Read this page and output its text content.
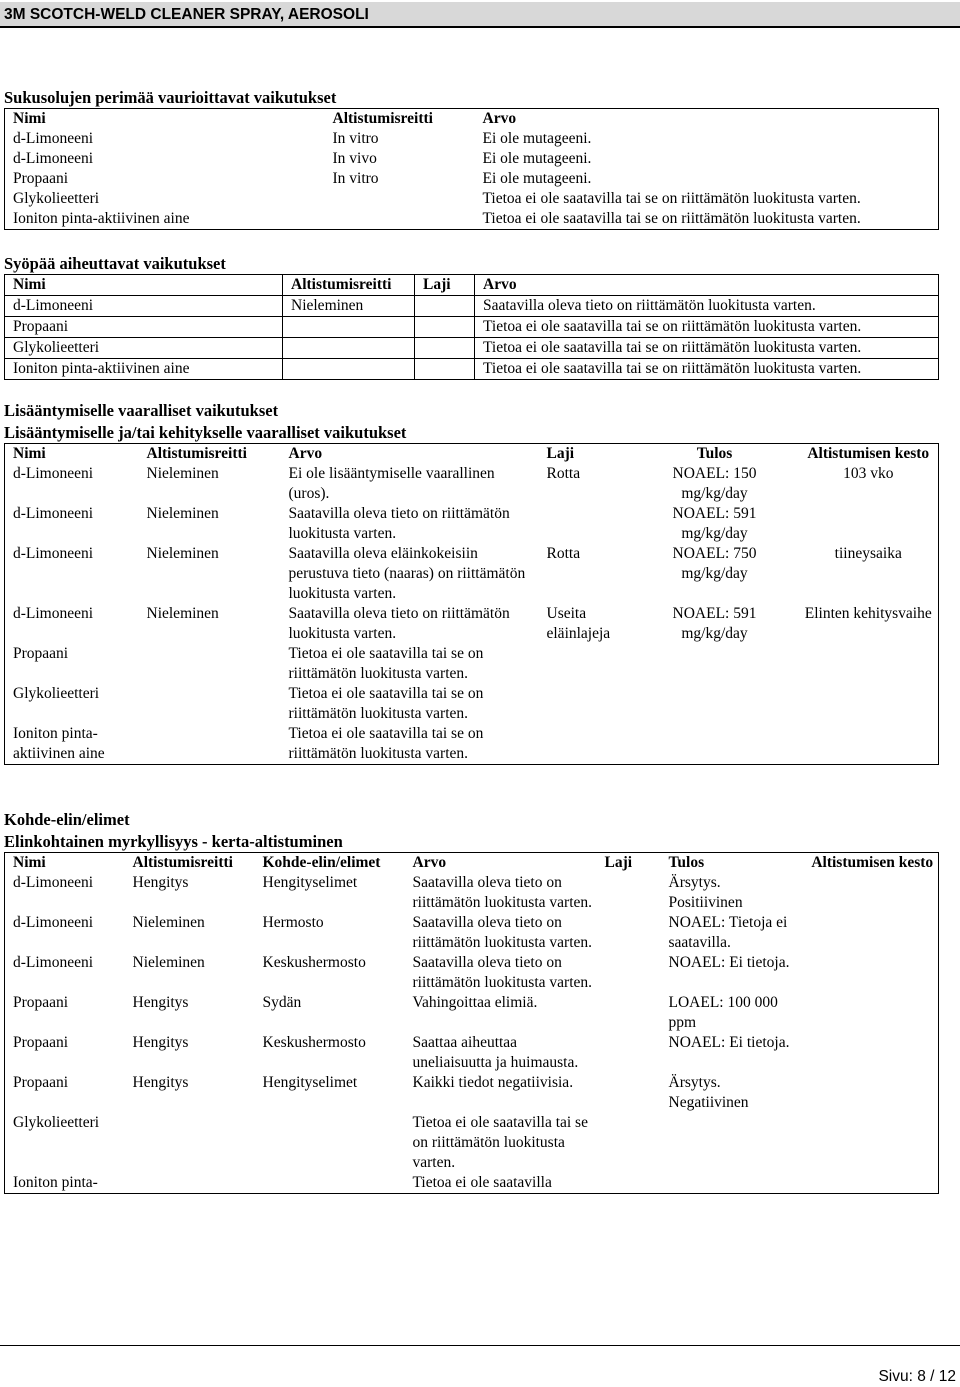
3M SCOTCH-WELD CLEANER SPRAY, AEROSOLI
Sukusolujen perimää vaurioittavat vaikutukset
Nimi	Altistumisreitti	Arvo
d-Limoneeni	In vitro	Ei ole mutageeni.
d-Limoneeni	In vivo	Ei ole mutageeni.
Propaani	In vitro	Ei ole mutageeni.
Glykolieetteri		Tietoa ei ole saatavilla tai se on riittämätön luokitusta varten.
Ioniton pinta-aktiivinen aine		Tietoa ei ole saatavilla tai se on riittämätön luokitusta varten.
Syöpää aiheuttavat vaikutukset
Nimi	Altistumisreitti	Laji	Arvo
d-Limoneeni	Nieleminen		Saatavilla oleva tieto on riittämätön luokitusta varten.
Propaani			Tietoa ei ole saatavilla tai se on riittämätön luokitusta varten.
Glykolieetteri			Tietoa ei ole saatavilla tai se on riittämätön luokitusta varten.
Ioniton pinta-aktiivinen aine			Tietoa ei ole saatavilla tai se on riittämätön luokitusta varten.
Lisääntymiselle vaaralliset vaikutukset
Lisääntymiselle ja/tai kehitykselle vaaralliset vaikutukset
Nimi	Altistumisreitti	Arvo	Laji	Tulos	Altistumisen kesto
d-Limoneeni	Nieleminen	Ei ole lisääntymiselle vaarallinen (uros).	Rotta	NOAEL: 150 mg/kg/day	103 vko
d-Limoneeni	Nieleminen	Saatavilla oleva tieto on riittämätön luokitusta varten.		NOAEL: 591 mg/kg/day	
d-Limoneeni	Nieleminen	Saatavilla oleva eläinkokeisiin perustuva tieto (naaras) on riittämätön luokitusta varten.	Rotta	NOAEL: 750 mg/kg/day	tiineysaika
d-Limoneeni	Nieleminen	Saatavilla oleva tieto on riittämätön luokitusta varten.	Useita eläinlajeja	NOAEL: 591 mg/kg/day	Elinten kehitysvaihe
Propaani		Tietoa ei ole saatavilla tai se on riittämätön luokitusta varten.			
Glykolieetteri		Tietoa ei ole saatavilla tai se on riittämätön luokitusta varten.			
Ioniton pinta-aktiivinen aine		Tietoa ei ole saatavilla tai se on riittämätön luokitusta varten.			
Kohde-elin/elimet
Elinkohtainen myrkyllisyys - kerta-altistuminen
Nimi	Altistumisreitti	Kohde-elin/elimet	Arvo	Laji	Tulos	Altistumisen kesto
d-Limoneeni	Hengitys	Hengityselimet	Saatavilla oleva tieto on riittämätön luokitusta varten.		Ärsytys. Positiivinen	
d-Limoneeni	Nieleminen	Hermosto	Saatavilla oleva tieto on riittämätön luokitusta varten.		NOAEL: Tietoja ei saatavilla.	
d-Limoneeni	Nieleminen	Keskushermosto	Saatavilla oleva tieto on riittämätön luokitusta varten.		NOAEL: Ei tietoja.	
Propaani	Hengitys	Sydän	Vahingoittaa elimiä.		LOAEL: 100 000 ppm	
Propaani	Hengitys	Keskushermosto	Saattaa aiheuttaa uneliaisuutta ja huimausta.		NOAEL: Ei tietoja.	
Propaani	Hengitys	Hengityselimet	Kaikki tiedot negatiivisia.		Ärsytys. Negatiivinen	
Glykolieetteri			Tietoa ei ole saatavilla tai se on riittämätön luokitusta varten.			
Ioniton pinta-			Tietoa ei ole saatavilla			
Sivu: 8 / 12
